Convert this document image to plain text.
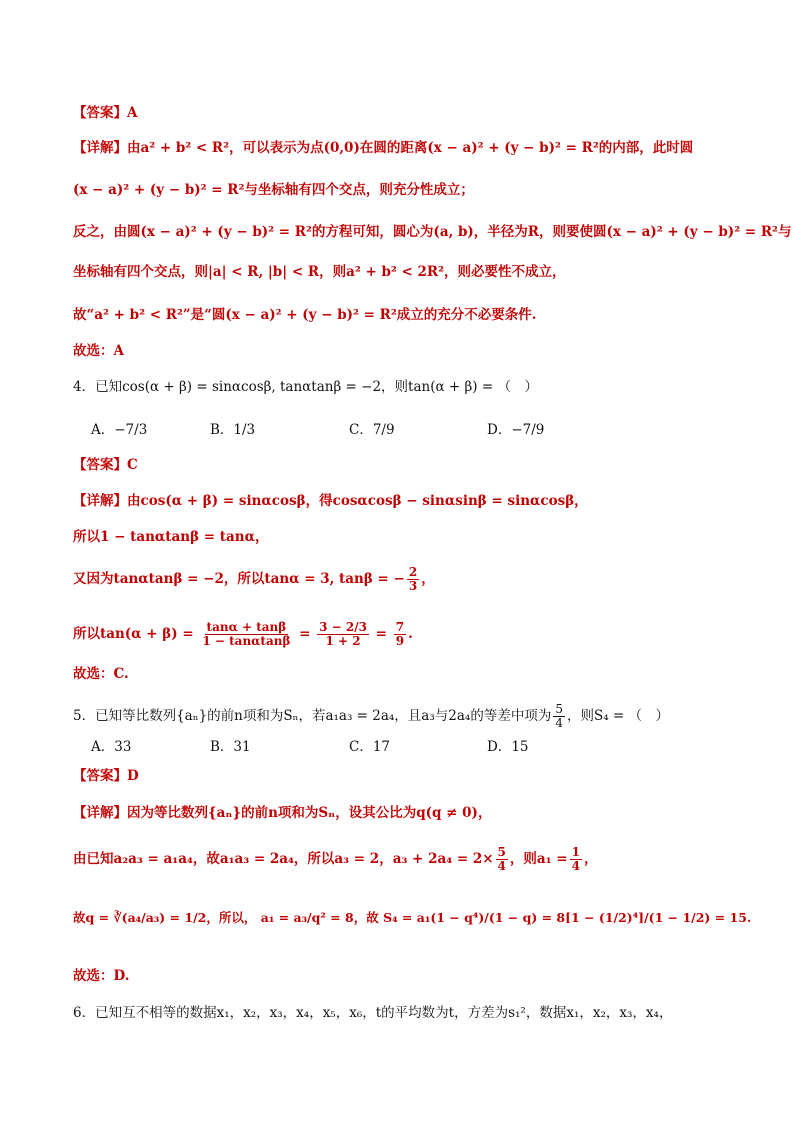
【答案】A
【详解】由a² + b² < R²，可以表示为点(0,0)在圆的距离(x − a)² + (y − b)² = R²的内部，此时圆
(x − a)² + (y − b)² = R²与坐标轴有四个交点，则充分性成立；
反之，由圆(x − a)² + (y − b)² = R²的方程可知，圆心为(a, b)，半径为R，则要使圆(x − a)² + (y − b)² = R²与
坐标轴有四个交点，则|a| < R, |b| < R，则a² + b² < 2R²，则必要性不成立，
故“a² + b² < R²”是“圆(x − a)² + (y − b)² = R²成立的充分不必要条件.
故选：A
4．已知cos(α + β) = sinαcosβ, tanαtanβ = −2，则tan(α + β) = （　）
A．−7/3	B．1/3	C．7/9	D．−7/9
【答案】C
【详解】由cos(α + β) = sinαcosβ，得cosαcosβ − sinαsinβ = sinαcosβ，
所以1 − tanαtanβ = tanα，
又因为tanαtanβ = −2，所以tanα = 3, tanβ = − $\frac{2}{3}$ ，
所以$\tan(\alpha + \beta) = \frac{\tan\alpha + \tan\beta}{1 - \tan\alpha\tan\beta} = \frac{3 - 2/3}{1 + 2} = \frac{7}{9}$ .
故选：C.
5．已知等比数列{aₙ}的前n项和为Sₙ，若a₁a₃ = 2a₄，且a₃与2a₄的等差中项为 $\frac{5}{4}$ ，则S₄ = （　）
A．33	B．31	C．17	D．15
【答案】D
【详解】因为等比数列{aₙ}的前n项和为Sₙ，设其公比为q(q ≠ 0)，
由已知a₂a₃ = a₁a₄，故a₁a₃ = 2a₄，所以a₃ = 2，$a_3 + 2a_4 = 2\times \frac{5}{4}$ ，则$a_1 = \frac{1}{4}$ ，
故q = ∛(a₄/a₃) = 1/2，所以， a₁ = a₃/q² = 8，故 S₄ = a₁(1 − q⁴)/(1 − q) = 8[1 − (1/2)⁴]/(1 − 1/2) = 15.
故选：D.
6．已知互不相等的数据x₁，x₂，x₃，x₄，x₅，x₆，t的平均数为t，方差为s₁²，数据x₁，x₂，x₃，x₄，
